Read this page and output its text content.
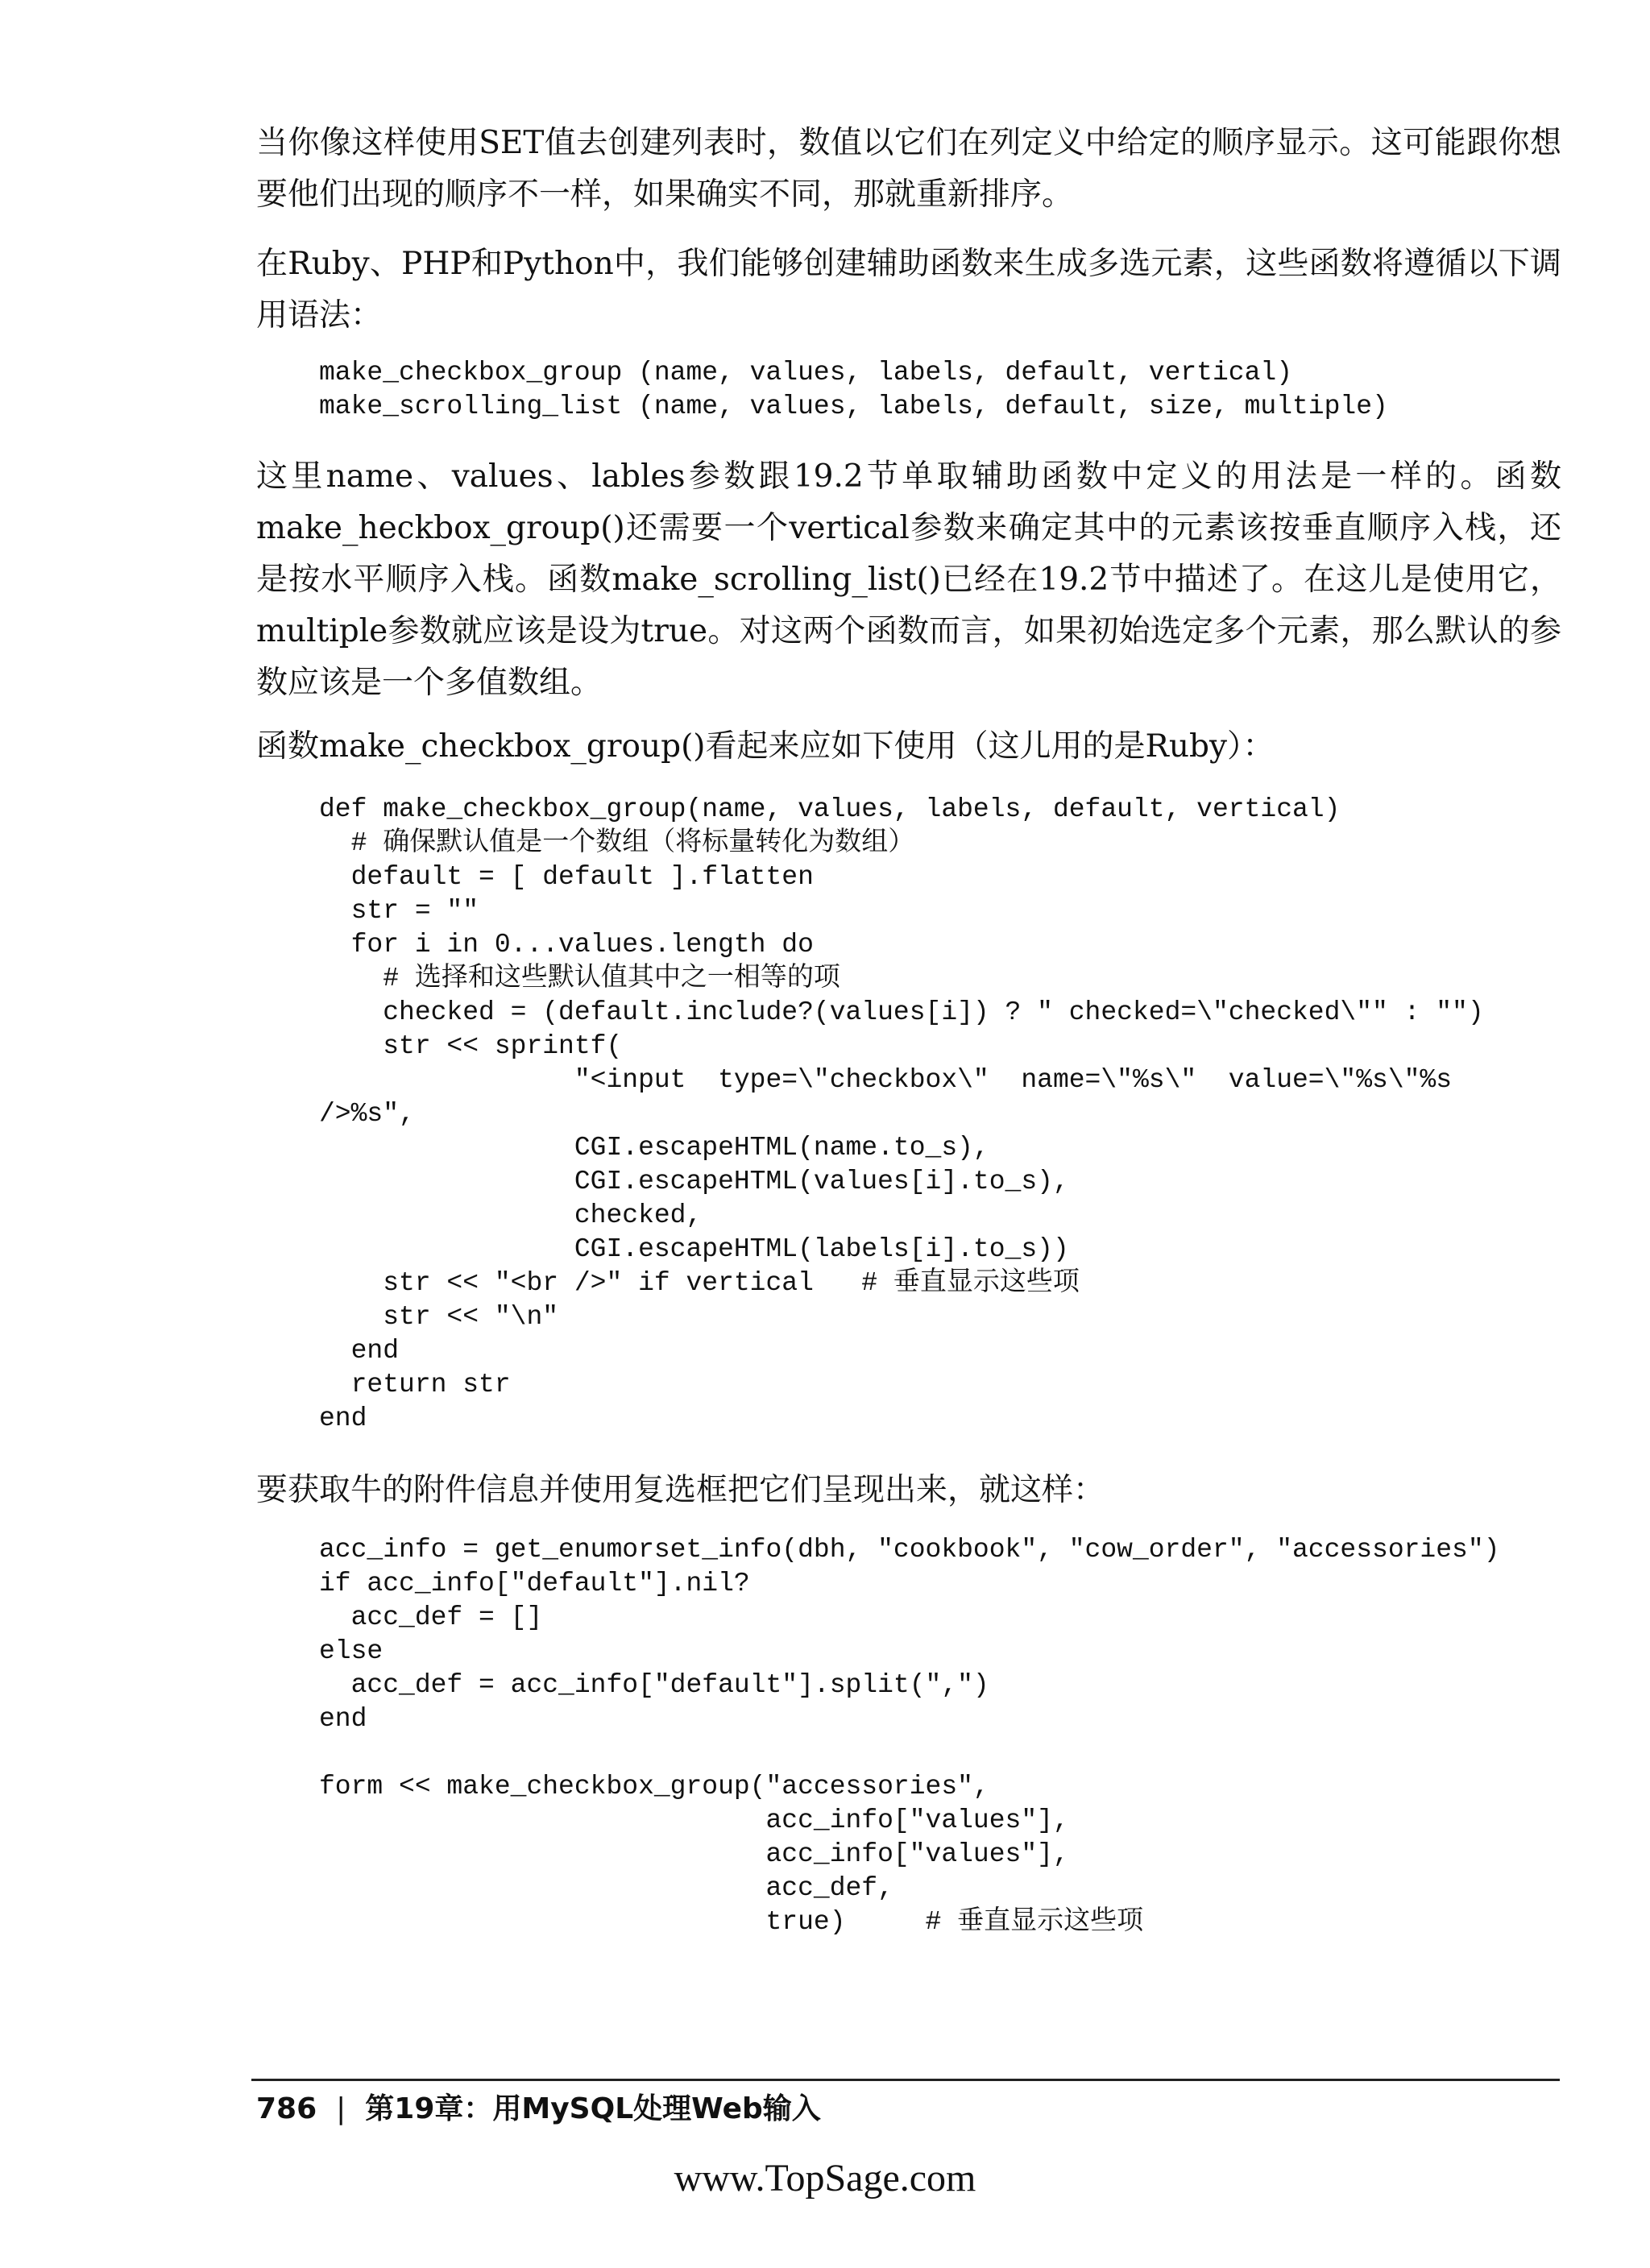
当你像这样使用SET值去创建列表时，数值以它们在列定义中给定的顺序显示。这可能跟你想要他们出现的顺序不一样，如果确实不同，那就重新排序。

在Ruby、PHP和Python中，我们能够创建辅助函数来生成多选元素，这些函数将遵循以下调用语法：

make_checkbox_group (name, values, labels, default, vertical)
make_scrolling_list (name, values, labels, default, size, multiple)

这里name、values、lables参数跟19.2节单取辅助函数中定义的用法是一样的。函数make_heckbox_group()还需要一个vertical参数来确定其中的元素该按垂直顺序入栈，还是按水平顺序入栈。函数make_scrolling_list()已经在19.2节中描述了。在这儿是使用它，multiple参数就应该是设为true。对这两个函数而言，如果初始选定多个元素，那么默认的参数应该是一个多值数组。

函数make_checkbox_group()看起来应如下使用（这儿用的是Ruby）：

def make_checkbox_group(name, values, labels, default, vertical)
# 确保默认值是一个数组（将标量转化为数组）
default = [ default ].flatten
str = ""
for i in 0...values.length do
# 选择和这些默认值其中之一相等的项
checked = (default.include?(values[i]) ? " checked=\"checked\"" : "")
str << sprintf(
"<input  type=\"checkbox\"  name=\"%s\"  value=\"%s\"%s
/>%s",
CGI.escapeHTML(name.to_s),
CGI.escapeHTML(values[i].to_s),
checked,
CGI.escapeHTML(labels[i].to_s))
str << "<br />" if vertical   # 垂直显示这些项
str << "\n"
end
return str
end

要获取牛的附件信息并使用复选框把它们呈现出来，就这样：

acc_info = get_enumorset_info(dbh, "cookbook", "cow_order", "accessories")
if acc_info["default"].nil?
acc_def = []
else
acc_def = acc_info["default"].split(",")
end

form << make_checkbox_group("accessories",
acc_info["values"],
acc_info["values"],
acc_def,
true)     # 垂直显示这些项
786 | 第19章：用MySQL处理Web输入
www.TopSage.com
